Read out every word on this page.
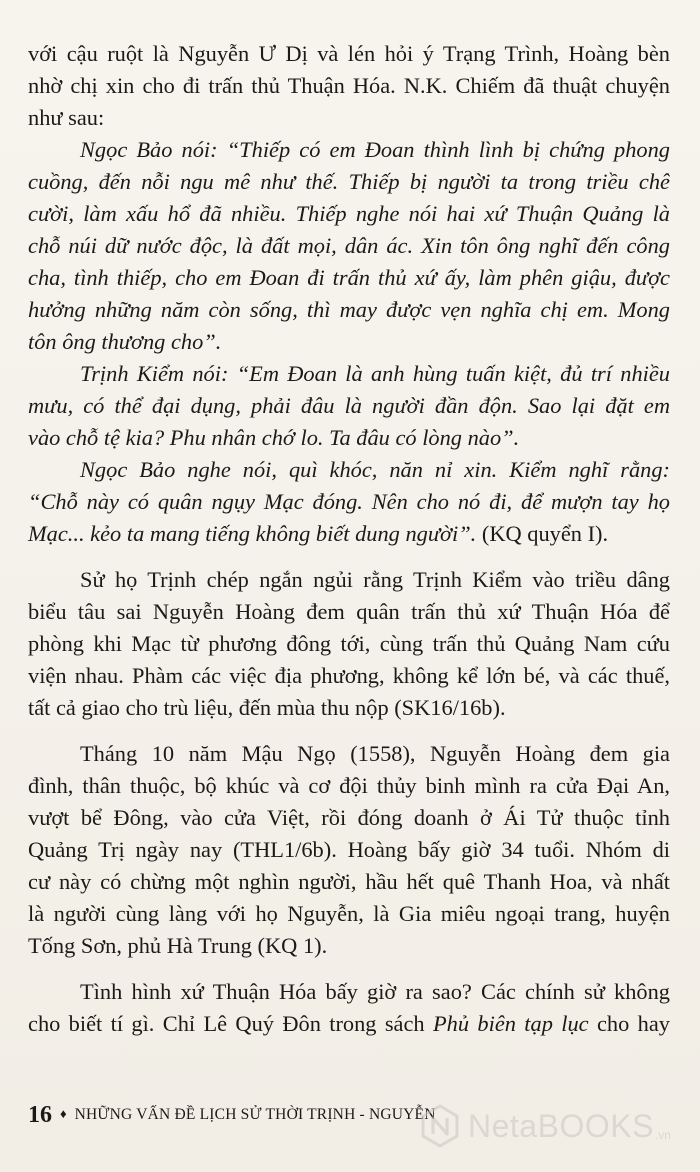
với cậu ruột là Nguyễn Ư Dị và lén hỏi ý Trạng Trình, Hoàng bèn
nhờ chị xin cho đi trấn thủ Thuận Hóa. N.K. Chiếm đã thuật chuyện
như sau:
Ngọc Bảo nói: “Thiếp có em Đoan thình lình bị chứng phong
cuồng, đến nỗi ngu mê như thế. Thiếp bị người ta trong triều chê
cười, làm xấu hổ đã nhiều. Thiếp nghe nói hai xứ Thuận Quảng là
chỗ núi dữ nước độc, là đất mọi, dân ác. Xin tôn ông nghĩ đến công
cha, tình thiếp, cho em Đoan đi trấn thủ xứ ấy, làm phên giậu, được
hưởng những năm còn sống, thì may được vẹn nghĩa chị em. Mong
tôn ông thương cho”.
Trịnh Kiểm nói: “Em Đoan là anh hùng tuấn kiệt, đủ trí nhiều
mưu, có thể đại dụng, phải đâu là người đần độn. Sao lại đặt em
vào chỗ tệ kia? Phu nhân chớ lo. Ta đâu có lòng nào”.
Ngọc Bảo nghe nói, quì khóc, năn nỉ xin. Kiểm nghĩ rằng:
“Chỗ này có quân ngụy Mạc đóng. Nên cho nó đi, để mượn tay họ
Mạc... kẻo ta mang tiếng không biết dung người”. (KQ quyển I).
Sử họ Trịnh chép ngắn ngủi rằng Trịnh Kiểm vào triều dâng
biểu tâu sai Nguyễn Hoàng đem quân trấn thủ xứ Thuận Hóa để
phòng khi Mạc từ phương đông tới, cùng trấn thủ Quảng Nam cứu
viện nhau. Phàm các việc địa phương, không kể lớn bé, và các thuế,
tất cả giao cho trù liệu, đến mùa thu nộp (SK16/16b).
Tháng 10 năm Mậu Ngọ (1558), Nguyễn Hoàng đem gia
đình, thân thuộc, bộ khúc và cơ đội thủy binh mình ra cửa Đại An,
vượt bể Đông, vào cửa Việt, rồi đóng doanh ở Ái Tử thuộc tỉnh
Quảng Trị ngày nay (THL1/6b). Hoàng bấy giờ 34 tuổi. Nhóm di
cư này có chừng một nghìn người, hầu hết quê Thanh Hoa, và nhất
là người cùng làng với họ Nguyễn, là Gia miêu ngoại trang, huyện
Tống Sơn, phủ Hà Trung (KQ 1).
Tình hình xứ Thuận Hóa bấy giờ ra sao? Các chính sử không
cho biết tí gì. Chỉ Lê Quý Đôn trong sách Phủ biên tạp lục cho hay
16 ♦ NHỮNG VẤN ĐỀ LỊCH SỬ THỜI TRỊNH - NGUYỄN NetaBOOKS .vn
